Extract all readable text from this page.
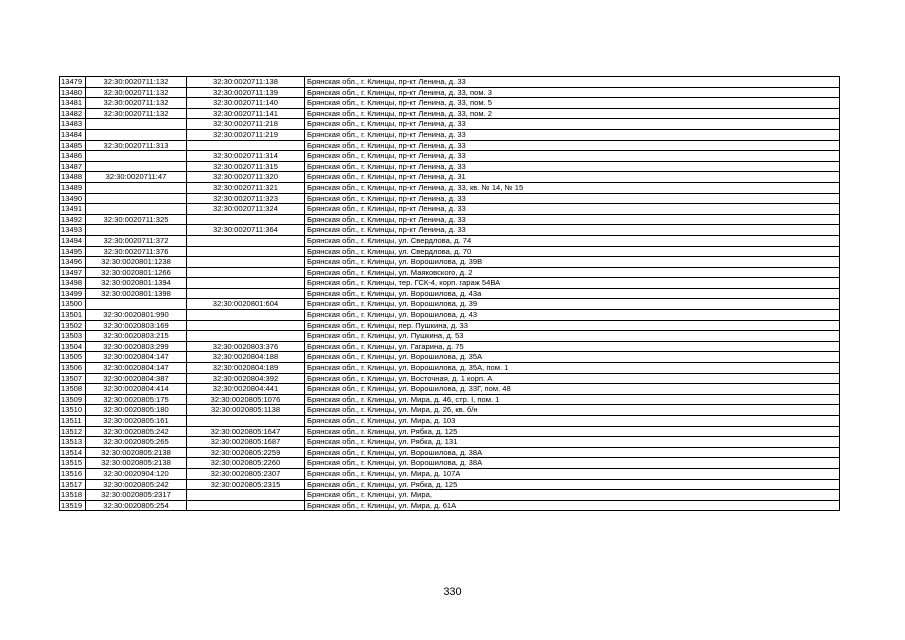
13479	32:30:0020711:132	32:30:0020711:138	Брянская обл., г. Клинцы, пр-кт Ленина, д. 33
13480	32:30:0020711:132	32:30:0020711:139	Брянская обл., г. Клинцы, пр-кт Ленина, д. 33, пом. 3
13481	32:30:0020711:132	32:30:0020711:140	Брянская обл., г. Клинцы, пр-кт Ленина, д. 33, пом. 5
13482	32:30:0020711:132	32:30:0020711:141	Брянская обл., г. Клинцы, пр-кт Ленина, д. 33, пом. 2
13483		32:30:0020711:218	Брянская обл., г. Клинцы, пр-кт Ленина, д. 33
13484		32:30:0020711:219	Брянская обл., г. Клинцы, пр-кт Ленина, д. 33
13485	32:30:0020711:313		Брянская обл., г. Клинцы, пр-кт Ленина, д. 33
13486		32:30:0020711:314	Брянская обл., г. Клинцы, пр-кт Ленина, д. 33
13487		32:30:0020711:315	Брянская обл., г. Клинцы, пр-кт Ленина, д. 33
13488	32:30:0020711:47	32:30:0020711:320	Брянская обл., г. Клинцы, пр-кт Ленина, д. 31
13489		32:30:0020711:321	Брянская обл., г. Клинцы, пр-кт Ленина, д. 33, кв. № 14, № 15
13490		32:30:0020711:323	Брянская обл., г. Клинцы, пр-кт Ленина, д. 33
13491		32:30:0020711:324	Брянская обл., г. Клинцы, пр-кт Ленина, д. 33
13492	32:30:0020711:325		Брянская обл., г. Клинцы, пр-кт Ленина, д. 33
13493		32:30:0020711:364	Брянская обл., г. Клинцы, пр-кт Ленина, д. 33
13494	32:30:0020711:372		Брянская обл., г. Клинцы, ул. Свердлова, д. 74
13495	32:30:0020711:376		Брянская обл., г. Клинцы, ул. Свердлова, д. 70
13496	32:30:0020801:1238		Брянская обл., г. Клинцы, ул. Ворошилова, д. 39В
13497	32:30:0020801:1266		Брянская обл., г. Клинцы, ул. Маяковского, д. 2
13498	32:30:0020801:1394		Брянская обл., г. Клинцы, тер. ГСК-4, корп. гараж 54ВА
13499	32:30:0020801:1398		Брянская обл., г. Клинцы, ул. Ворошилова, д. 43а
13500		32:30:0020801:604	Брянская обл., г. Клинцы, ул. Ворошилова, д. 39
13501	32:30:0020801:990		Брянская обл., г. Клинцы, ул. Ворошилова, д. 43
13502	32:30:0020803:169		Брянская обл., г. Клинцы, пер. Пушкина, д. 33
13503	32:30:0020803:215		Брянская обл., г. Клинцы, ул. Пушкина, д. 53
13504	32:30:0020803:299	32:30:0020803:376	Брянская обл., г. Клинцы, ул. Гагарина, д. 75
13505	32:30:0020804:147	32:30:0020804:188	Брянская обл., г. Клинцы, ул. Ворошилова, д. 35А
13506	32:30:0020804:147	32:30:0020804:189	Брянская обл., г. Клинцы, ул. Ворошилова, д. 35А, пом. 1
13507	32:30:0020804:387	32:30:0020804:392	Брянская обл., г. Клинцы, ул. Восточная, д. 1 корп. А
13508	32:30:0020804:414	32:30:0020804:441	Брянская обл., г. Клинцы, ул. Ворошилова, д. 33Г, пом. 48
13509	32:30:0020805:175	32:30:0020805:1076	Брянская обл., г. Клинцы, ул. Мира, д. 46, стр. I, пом. 1
13510	32:30:0020805:180	32:30:0020805:1138	Брянская обл., г. Клинцы, ул. Мира, д. 26, кв. б/н
13511	32:30:0020805:161		Брянская обл., г. Клинцы, ул. Мира, д. 103
13512	32:30:0020805:242	32:30:0020805:1647	Брянская обл., г. Клинцы, ул. Рябка, д. 125
13513	32:30:0020805:265	32:30:0020805:1687	Брянская обл., г. Клинцы, ул. Рябка, д. 131
13514	32:30:0020805:2138	32:30:0020805:2259	Брянская обл., г. Клинцы, ул. Ворошилова, д. 38А
13515	32:30:0020805:2138	32:30:0020805:2260	Брянская обл., г. Клинцы, ул. Ворошилова, д. 38А
13516	32:30:0020904:120	32:30:0020805:2307	Брянская обл., г. Клинцы, ул. Мира, д. 107А
13517	32:30:0020805:242	32:30:0020805:2315	Брянская обл., г. Клинцы, ул. Рябка, д. 125
13518	32:30:0020805:2317		Брянская обл., г. Клинцы, ул. Мира,
13519	32:30:0020805:254		Брянская обл., г. Клинцы, ул. Мира, д. 61А
330
